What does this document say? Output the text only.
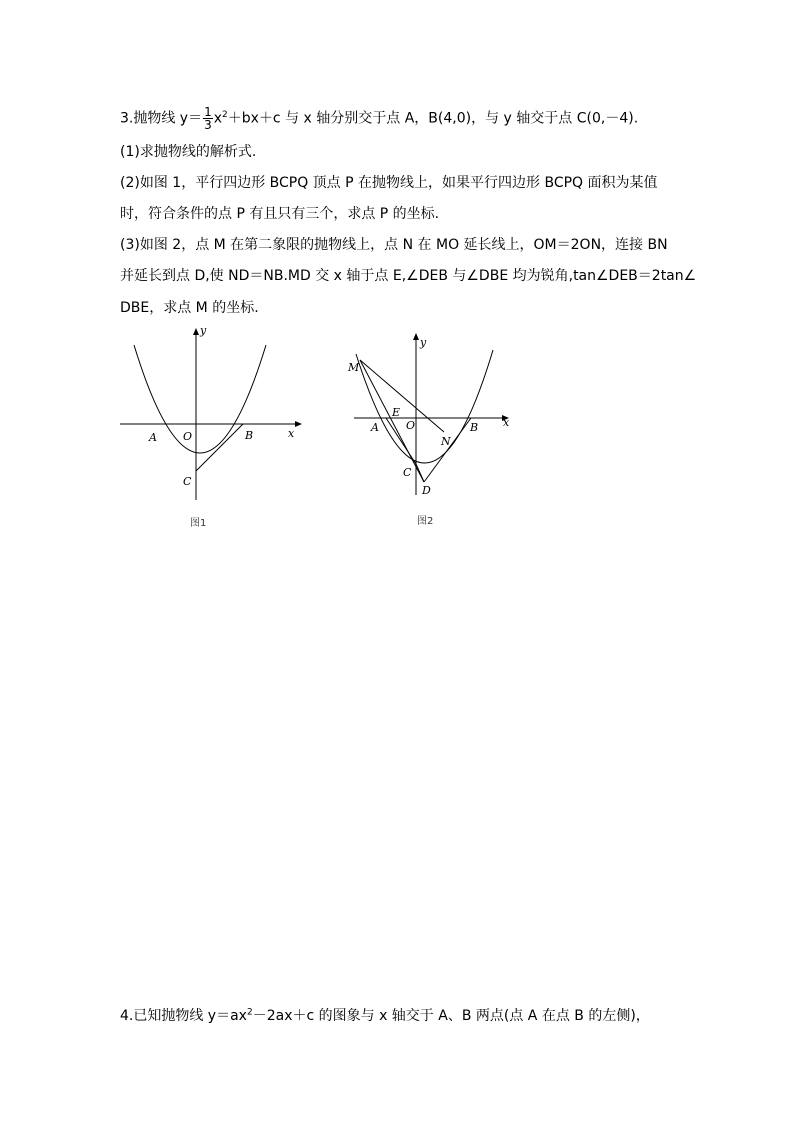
3.抛物线 $y= \frac{1}{3} x^2+bx+c$ 与 x 轴分别交于点 A，B(4,0)，与 y 轴交于点 C(0,－4).
(1)求抛物线的解析式.
(2)如图 1，平行四边形 BCPQ 顶点 P 在抛物线上，如果平行四边形 BCPQ 面积为某值
时，符合条件的点 P 有且只有三个，求点 P 的坐标.
(3)如图 2，点 M 在第二象限的抛物线上，点 N 在 MO 延长线上，OM＝2ON，连接 BN
并延长到点 D,使 ND＝NB.MD 交 x 轴于点 E,∠DEB 与∠DBE 均为锐角,tan∠DEB＝2tan∠
DBE，求点 M 的坐标.
y
x
A O	B
C
图1
y
x
M
E
A O
N
B
C
D
图2
4.已知抛物线 $y=ax^2-2ax+c$ 的图象与 x 轴交于 A、B 两点(点 A 在点 B 的左侧)，
